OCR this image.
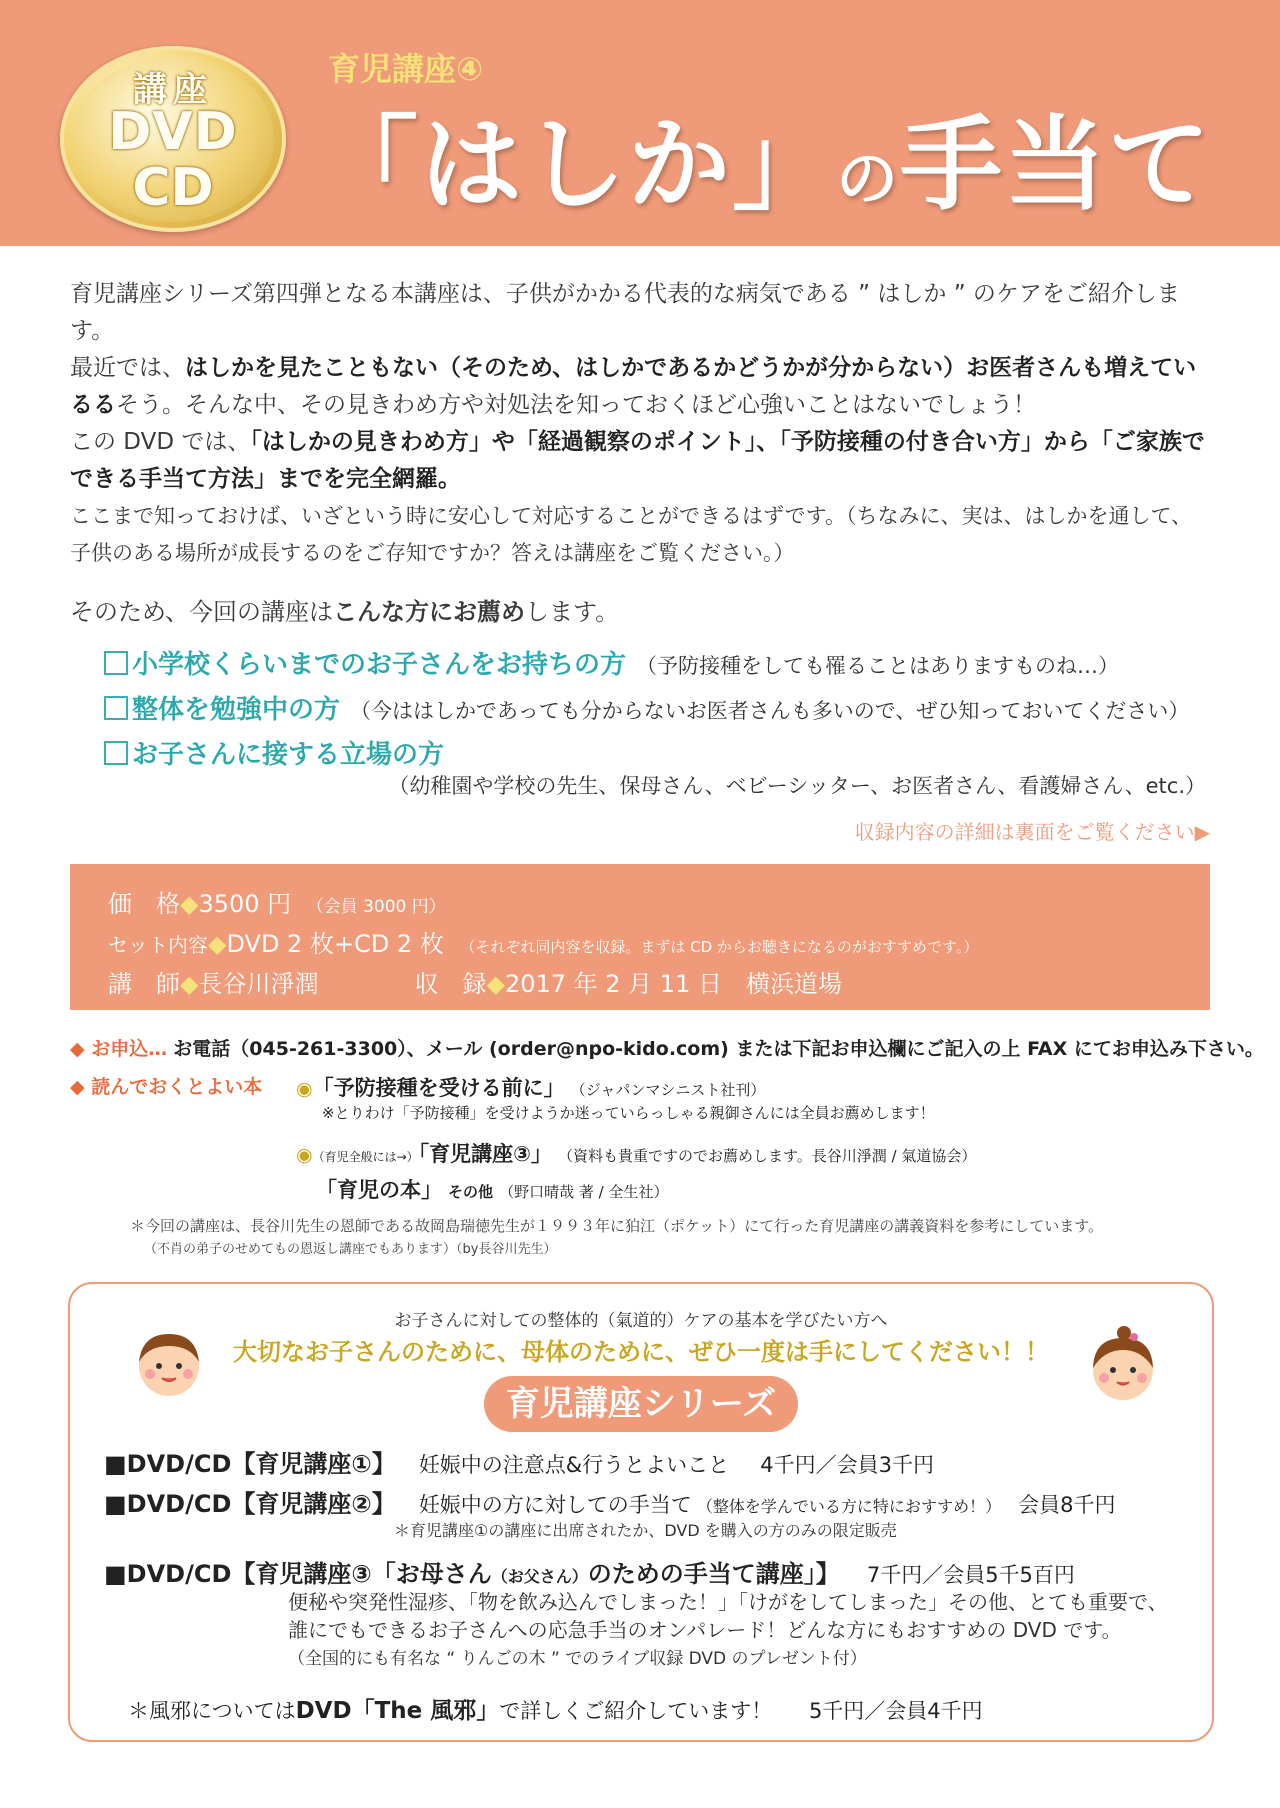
講座
DVD
CD
育児講座④
「はしか」の手当て

育児講座シリーズ第四弾となる本講座は、子供がかかる代表的な病気である ” はしか ” のケアをご紹介します。

最近では、はしかを見たこともない（そのため、はしかであるかどうかが分からない）お医者さんも増えているるそう。そんな中、その見きわめ方や対処法を知っておくほど心強いことはないでしょう！

この DVD では、「はしかの見きわめ方」や「経過観察のポイント」、「予防接種の付き合い方」から「ご家族でできる手当て方法」までを完全網羅。

ここまで知っておけば、いざという時に安心して対応することができるはずです。（ちなみに、実は、はしかを通して、子供のある場所が成長するのをご存知ですか？答えは講座をご覧ください。）

そのため、今回の講座はこんな方にお薦めします。
小学校くらいまでのお子さんをお持ちの方 （予防接種をしても罹ることはありますものね…）
整体を勉強中の方 （今ははしかであっても分からないお医者さんも多いので、ぜひ知っておいてください）
お子さんに接する立場の方
（幼稚園や学校の先生、保母さん、ベビーシッター、お医者さん、看護婦さん、etc.）
収録内容の詳細は裏面をご覧ください▶
価　格◆3500 円　 （会員 3000 円）
セット内容◆DVD 2 枚+CD 2 枚　 （それぞれ同内容を収録。まずは CD からお聴きになるのがおすすめです。）
講　師◆長谷川淨潤　　　　	収　録◆2017 年 2 月 11 日　横浜道場
◆ お申込… お電話（045-261-3300）、メール (order@npo-kido.com) または下記お申込欄にご記入の上 FAX にてお申込み下さい。
◆ 読んでおくとよい本 ◉「予防接種を受ける前に」 （ジャパンマシニスト社刊）
※とりわけ「予防接種」を受けようか迷っていらっしゃる親御さんには全員お薦めします！
◉（育児全般には→）「育児講座③」 （資料も貴重ですのでお薦めします。長谷川淨潤 / 氣道協会）
「育児の本」 その他 （野口晴哉 著 / 全生社）
＊今回の講座は、長谷川先生の恩師である故岡島瑞徳先生が１９９３年に狛江（ポケット）にて行った育児講座の講義資料を参考にしています。
（不肖の弟子のせめてもの恩返し講座でもあります）（by長谷川先生）
お子さんに対しての整体的（氣道的）ケアの基本を学びたい方へ
大切なお子さんのために、母体のために、ぜひ一度は手にしてください！！
育児講座シリーズ
■DVD/CD【育児講座①】 妊娠中の注意点&行うとよいこと 4千円／会員3千円
■DVD/CD【育児講座②】 妊娠中の方に対しての手当て （整体を学んでいる方に特におすすめ！） 会員8千円
＊育児講座①の講座に出席されたか、DVD を購入の方のみの限定販売
■DVD/CD【育児講座③「お母さん（お父さん）のための手当て講座」】 7千円／会員5千5百円
便秘や突発性湿疹、「物を飲み込んでしまった！」「けがをしてしまった」その他、とても重要で、
誰にでもできるお子さんへの応急手当のオンパレード！どんな方にもおすすめの DVD です。
（全国的にも有名な “ りんごの木 ” でのライブ収録 DVD のプレゼント付）
＊風邪についてはDVD「The 風邪」で詳しくご紹介しています！ 5千円／会員4千円
